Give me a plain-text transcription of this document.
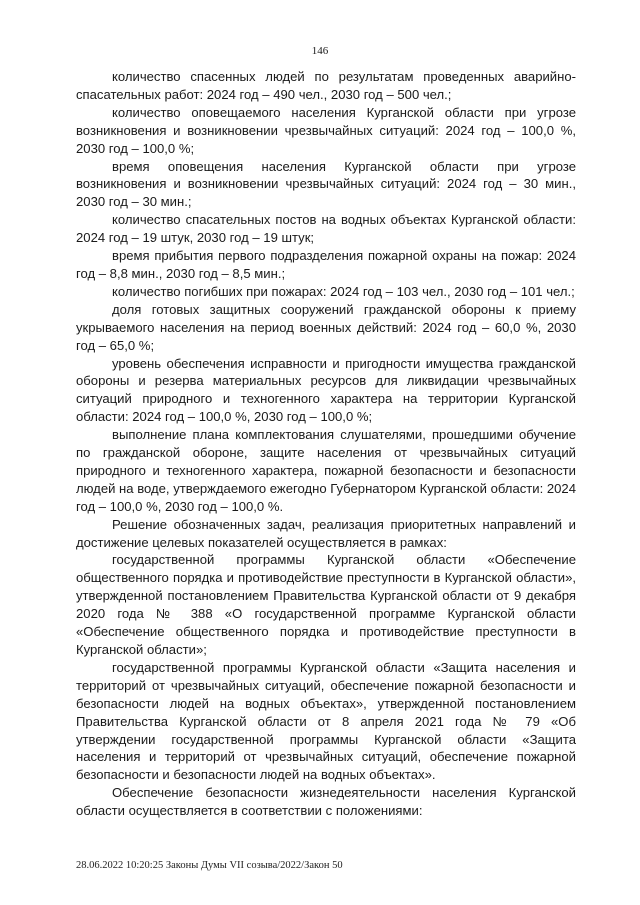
146

количество спасенных людей по результатам проведенных аварийно-спасательных работ: 2024 год – 490 чел., 2030 год – 500 чел.;

количество оповещаемого населения Курганской области при угрозе возникновения и возникновении чрезвычайных ситуаций: 2024 год – 100,0 %, 2030 год – 100,0 %;

время оповещения населения Курганской области при угрозе возникновения и возникновении чрезвычайных ситуаций: 2024 год – 30 мин., 2030 год – 30 мин.;

количество спасательных постов на водных объектах Курганской области: 2024 год – 19 штук, 2030 год – 19 штук;

время прибытия первого подразделения пожарной охраны на пожар: 2024 год – 8,8 мин., 2030 год – 8,5 мин.;

количество погибших при пожарах: 2024 год – 103 чел., 2030 год – 101 чел.;

доля готовых защитных сооружений гражданской обороны к приему укрываемого населения на период военных действий: 2024 год – 60,0 %, 2030 год – 65,0 %;

уровень обеспечения исправности и пригодности имущества гражданской обороны и резерва материальных ресурсов для ликвидации чрезвычайных ситуаций природного и техногенного характера на территории Курганской области: 2024 год – 100,0 %, 2030 год – 100,0 %;

выполнение плана комплектования слушателями, прошедшими обучение по гражданской обороне, защите населения от чрезвычайных ситуаций природного и техногенного характера, пожарной безопасности и безопасности людей на воде, утверждаемого ежегодно Губернатором Курганской области: 2024 год – 100,0 %, 2030 год – 100,0 %.

Решение обозначенных задач, реализация приоритетных направлений и достижение целевых показателей осуществляется в рамках:

государственной программы Курганской области «Обеспечение общественного порядка и противодействие преступности в Курганской области», утвержденной постановлением Правительства Курганской области от 9 декабря 2020 года № 388 «О государственной программе Курганской области «Обеспечение общественного порядка и противодействие преступности в Курганской области»;

государственной программы Курганской области «Защита населения и территорий от чрезвычайных ситуаций, обеспечение пожарной безопасности и безопасности людей на водных объектах», утвержденной постановлением Правительства Курганской области от 8 апреля 2021 года № 79 «Об утверждении государственной программы Курганской области «Защита населения и территорий от чрезвычайных ситуаций, обеспечение пожарной безопасности и безопасности людей на водных объектах».

Обеспечение безопасности жизнедеятельности населения Курганской области осуществляется в соответствии с положениями:

28.06.2022 10:20:25 Законы Думы VII созыва/2022/Закон 50
